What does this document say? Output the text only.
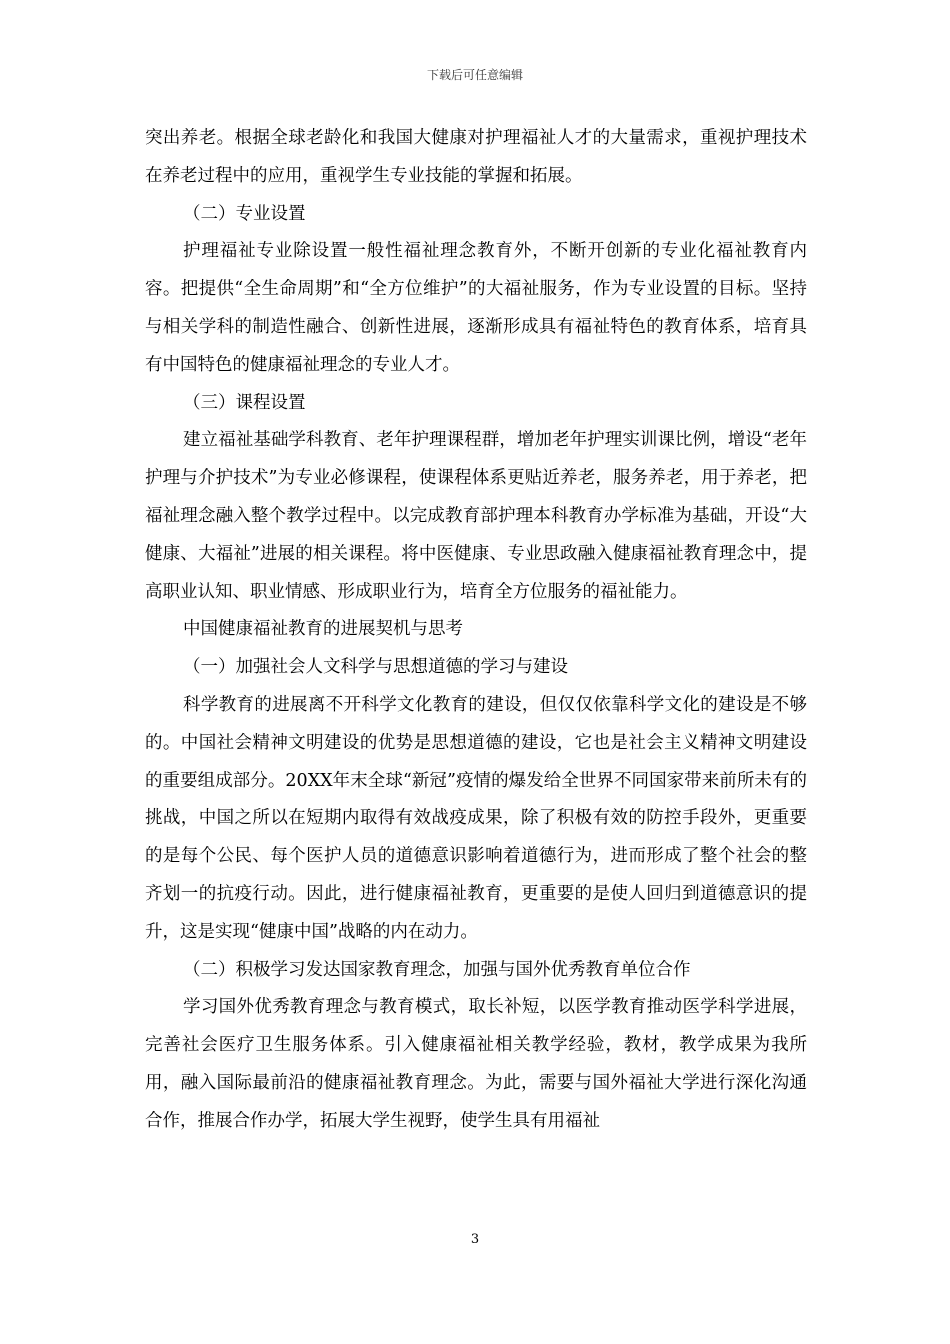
下载后可任意编辑

突出养老。根据全球老龄化和我国大健康对护理福祉人才的大量需求，重视护理技术在养老过程中的应用，重视学生专业技能的掌握和拓展。

（二）专业设置

护理福祉专业除设置一般性福祉理念教育外，不断开创新的专业化福祉教育内容。把提供“全生命周期”和“全方位维护”的大福祉服务，作为专业设置的目标。坚持与相关学科的制造性融合、创新性进展，逐渐形成具有福祉特色的教育体系，培育具有中国特色的健康福祉理念的专业人才。

（三）课程设置

建立福祉基础学科教育、老年护理课程群，增加老年护理实训课比例，增设“老年护理与介护技术”为专业必修课程，使课程体系更贴近养老，服务养老，用于养老，把福祉理念融入整个教学过程中。以完成教育部护理本科教育办学标准为基础，开设“大健康、大福祉”进展的相关课程。将中医健康、专业思政融入健康福祉教育理念中，提高职业认知、职业情感、形成职业行为，培育全方位服务的福祉能力。

中国健康福祉教育的进展契机与思考

（一）加强社会人文科学与思想道德的学习与建设

科学教育的进展离不开科学文化教育的建设，但仅仅依靠科学文化的建设是不够的。中国社会精神文明建设的优势是思想道德的建设，它也是社会主义精神文明建设的重要组成部分。20XX年末全球“新冠”疫情的爆发给全世界不同国家带来前所未有的挑战，中国之所以在短期内取得有效战疫成果，除了积极有效的防控手段外，更重要的是每个公民、每个医护人员的道德意识影响着道德行为，进而形成了整个社会的整齐划一的抗疫行动。因此，进行健康福祉教育，更重要的是使人回归到道德意识的提升，这是实现“健康中国”战略的内在动力。

（二）积极学习发达国家教育理念，加强与国外优秀教育单位合作

学习国外优秀教育理念与教育模式，取长补短，以医学教育推动医学科学进展，完善社会医疗卫生服务体系。引入健康福祉相关教学经验，教材，教学成果为我所用，融入国际最前沿的健康福祉教育理念。为此，需要与国外福祉大学进行深化沟通合作，推展合作办学，拓展大学生视野，使学生具有用福祉

3
